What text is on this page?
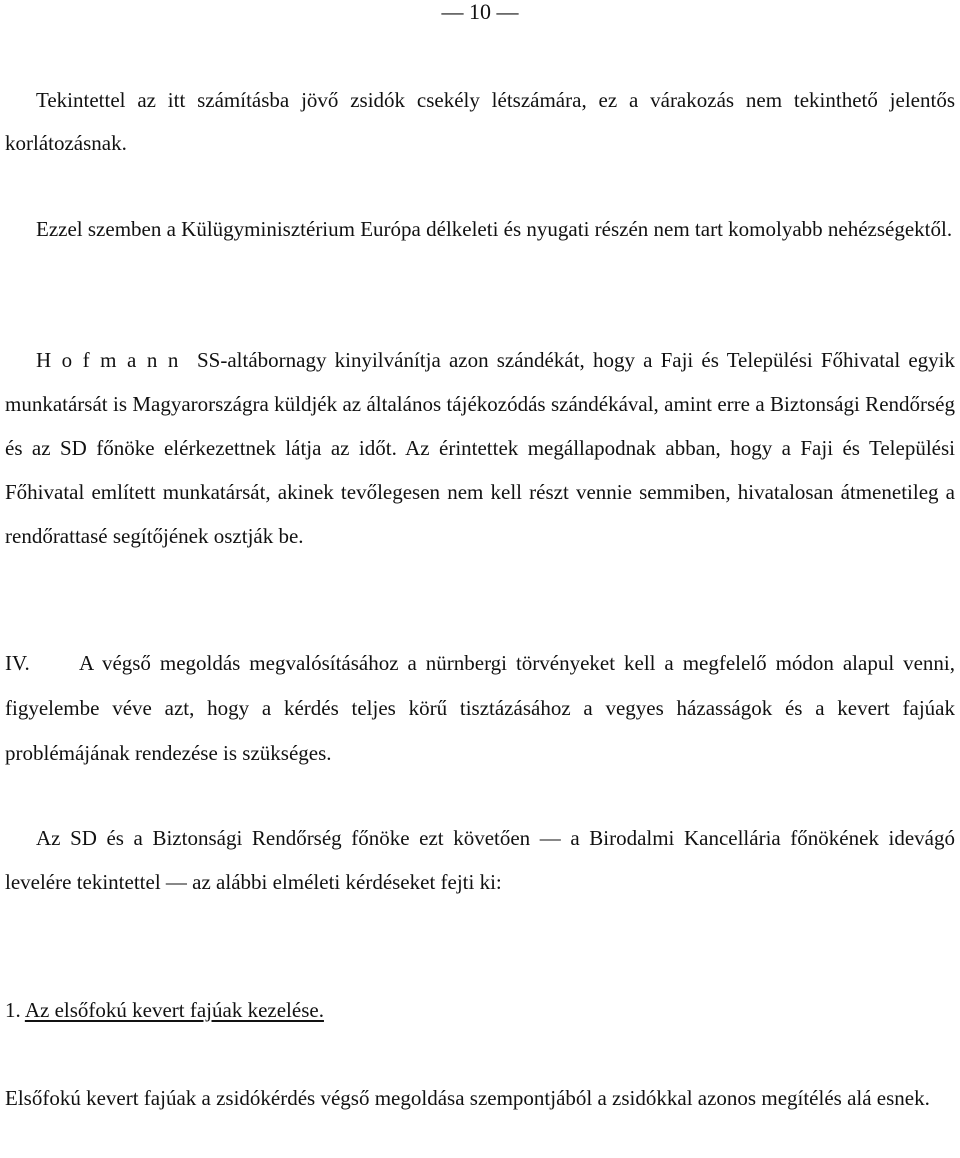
— 10 —

Tekintettel az itt számításba jövő zsidók csekély létszámára, ez a várakozás nem tekinthető jelentős korlátozásnak.

Ezzel szemben a Külügyminisztérium Európa délkeleti és nyugati részén nem tart komolyabb nehézségektől.

Hofmann SS-altábornagy kinyilvánítja azon szándékát, hogy a Faji és Települési Főhivatal egyik munkatársát is Magyarországra küldjék az általános tájékozódás szándékával, amint erre a Biztonsági Rendőrség és az SD főnöke elérkezettnek látja az időt. Az érintettek megállapodnak abban, hogy a Faji és Települési Főhivatal említett munkatársát, akinek tevőlegesen nem kell részt vennie semmiben, hivatalosan átmenetileg a rendőrattasé segítőjének osztják be.

IV. A végső megoldás megvalósításához a nürnbergi törvényeket kell a megfelelő módon alapul venni, figyelembe véve azt, hogy a kérdés teljes körű tisztázásához a vegyes házasságok és a kevert fajúak problémájának rendezése is szükséges.

Az SD és a Biztonsági Rendőrség főnöke ezt követően — a Birodalmi Kancellária főnökének idevágó levelére tekintettel — az alábbi elméleti kérdéseket fejti ki:

1. Az elsőfokú kevert fajúak kezelése.

Elsőfokú kevert fajúak a zsidókérdés végső megoldása szempontjából a zsidókkal azonos megítélés alá esnek.
